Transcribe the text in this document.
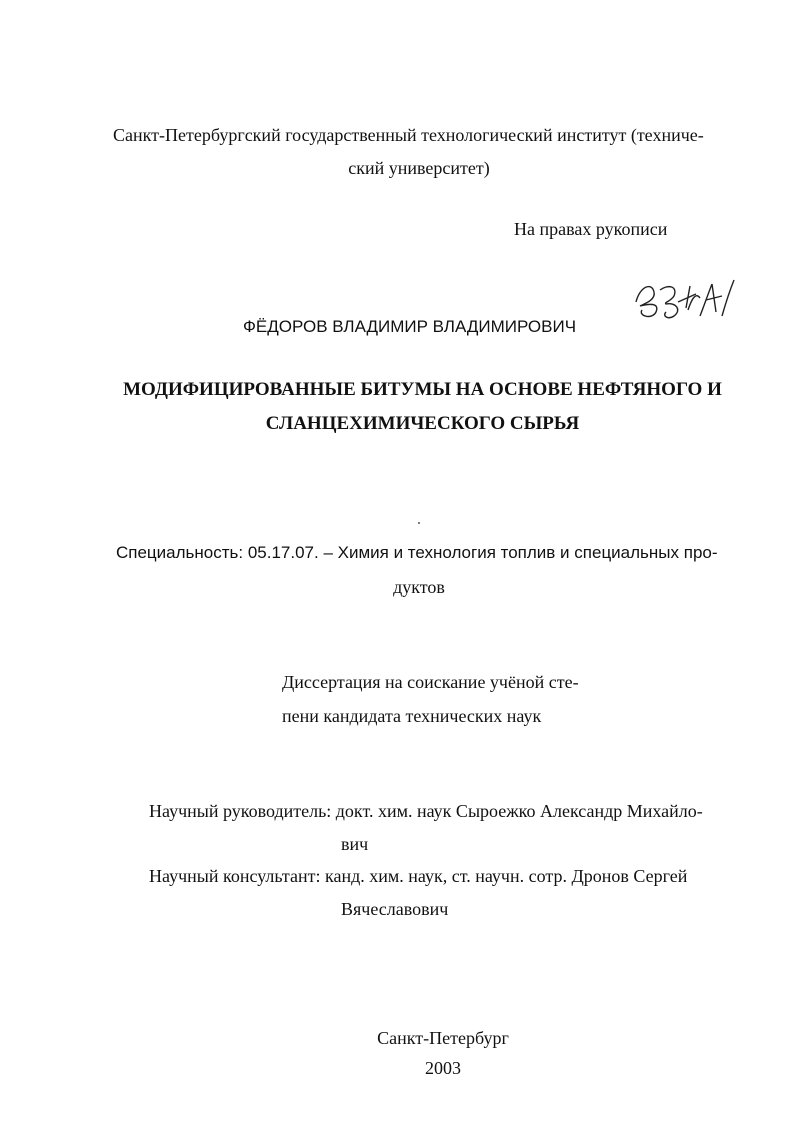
Санкт-Петербургский государственный технологический институт (техниче-
ский университет)
На правах рукописи
ФЁДОРОВ ВЛАДИМИР ВЛАДИМИРОВИЧ
МОДИФИЦИРОВАННЫЕ БИТУМЫ НА ОСНОВЕ НЕФТЯНОГО И
СЛАНЦЕХИМИЧЕСКОГО СЫРЬЯ
Специальность: 05.17.07. – Химия и технология топлив и специальных про-
дуктов
Диссертация на соискание учёной сте-
пени кандидата технических наук
Научный руководитель: докт. хим. наук Сыроежко Александр Михайло-
вич
Научный консультант: канд. хим. наук, ст. научн. сотр. Дронов Сергей
Вячеславович
Санкт-Петербург
2003
